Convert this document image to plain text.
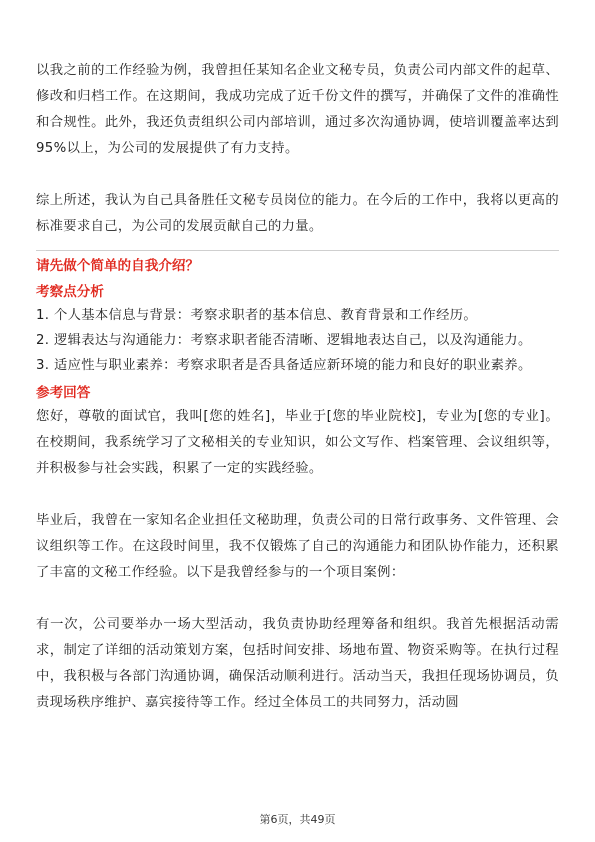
以我之前的工作经验为例，我曾担任某知名企业文秘专员，负责公司内部文件的起草、修改和归档工作。在这期间，我成功完成了近千份文件的撰写，并确保了文件的准确性和合规性。此外，我还负责组织公司内部培训，通过多次沟通协调，使培训覆盖率达到95%以上，为公司的发展提供了有力支持。

综上所述，我认为自己具备胜任文秘专员岗位的能力。在今后的工作中，我将以更高的标准要求自己，为公司的发展贡献自己的力量。

请先做个简单的自我介绍？
考察点分析

1. 个人基本信息与背景：考察求职者的基本信息、教育背景和工作经历。

2. 逻辑表达与沟通能力：考察求职者能否清晰、逻辑地表达自己，以及沟通能力。

3. 适应性与职业素养：考察求职者是否具备适应新环境的能力和良好的职业素养。

参考回答

您好，尊敬的面试官，我叫[您的姓名]，毕业于[您的毕业院校]，专业为[您的专业]。在校期间，我系统学习了文秘相关的专业知识，如公文写作、档案管理、会议组织等，并积极参与社会实践，积累了一定的实践经验。

毕业后，我曾在一家知名企业担任文秘助理，负责公司的日常行政事务、文件管理、会议组织等工作。在这段时间里，我不仅锻炼了自己的沟通能力和团队协作能力，还积累了丰富的文秘工作经验。以下是我曾经参与的一个项目案例：

有一次，公司要举办一场大型活动，我负责协助经理筹备和组织。我首先根据活动需求，制定了详细的活动策划方案，包括时间安排、场地布置、物资采购等。在执行过程中，我积极与各部门沟通协调，确保活动顺利进行。活动当天，我担任现场协调员，负责现场秩序维护、嘉宾接待等工作。经过全体员工的共同努力，活动圆

第6页，共49页
